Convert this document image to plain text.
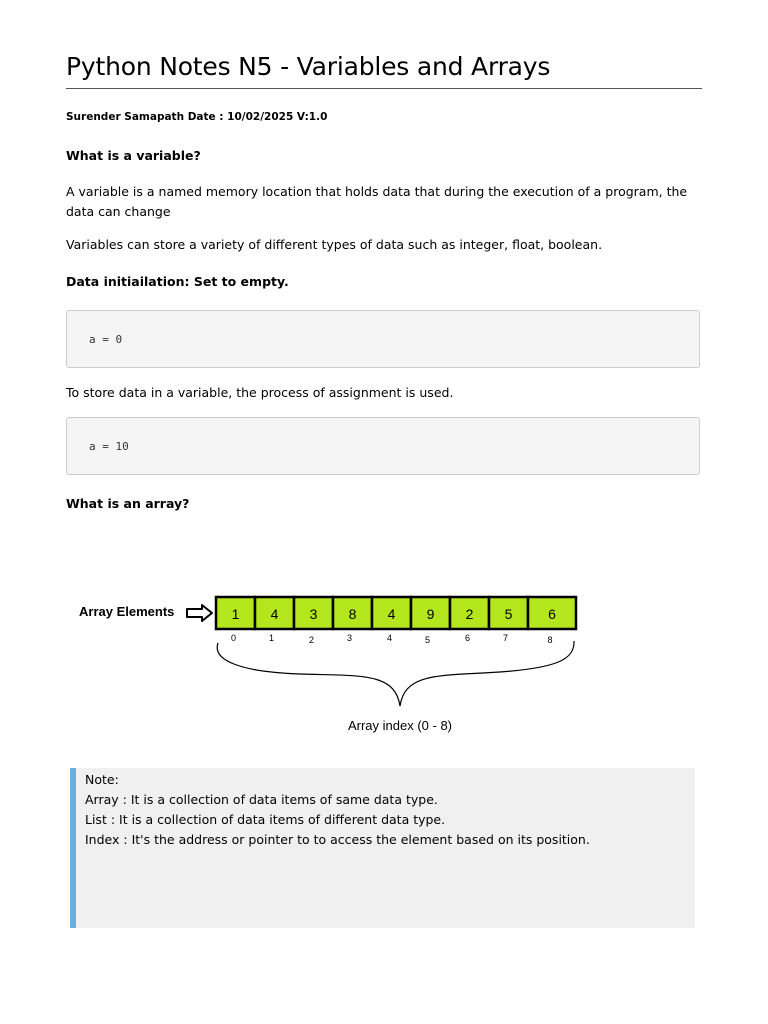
Python Notes N5 - Variables and Arrays
Surender Samapath Date : 10/02/2025 V:1.0
What is a variable?
A variable is a named memory location that holds data that during the execution of a program, the data can change
Variables can store a variety of different types of data such as integer, float, boolean.
Data initiailation: Set to empty.
a = 0
To store data in a variable, the process of assignment is used.
a = 10
What is an array?
Array Elements	1 4 3 8 4 9 2 5	6
0	1	2	3	4	5	6	7	8
Array index (0 - 8)
Note:
Array : It is a collection of data items of same data type.
List : It is a collection of data items of different data type.
Index : It's the address or pointer to to access the element based on its position.
